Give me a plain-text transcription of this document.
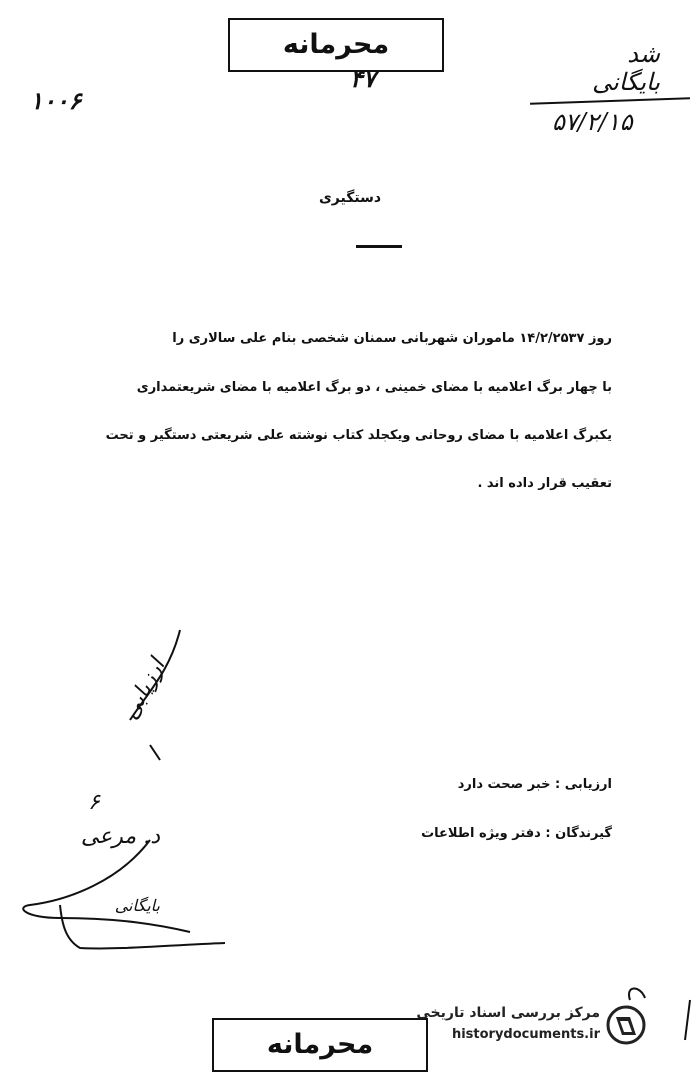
محرمانه
۴۷
۱۰۰۶
شد بایگانی
۵۷/۲/۱۵
دستگیری
روز ۱۴/۲/۲۵۳۷ ماموران شهربانی سمنان شخصی بنام علی سالاری را
با چهار برگ اعلامیه با مضای خمینی ، دو برگ اعلامیه با مضای شریعتمداری
یکبرگ اعلامیه با مضای روحانی ویکجلد کتاب نوشته علی شریعتی دستگیر و تحت
تعقیب قرار داده اند .
ارزیابی
ارزیابی : خبر صحت دارد
گیرندگان : دفتر ویژه اطلاعات
۶
د. مرعی
بایگانی
محرمانه
مرکز بررسی اسناد تاریخی
historydocuments.ir
